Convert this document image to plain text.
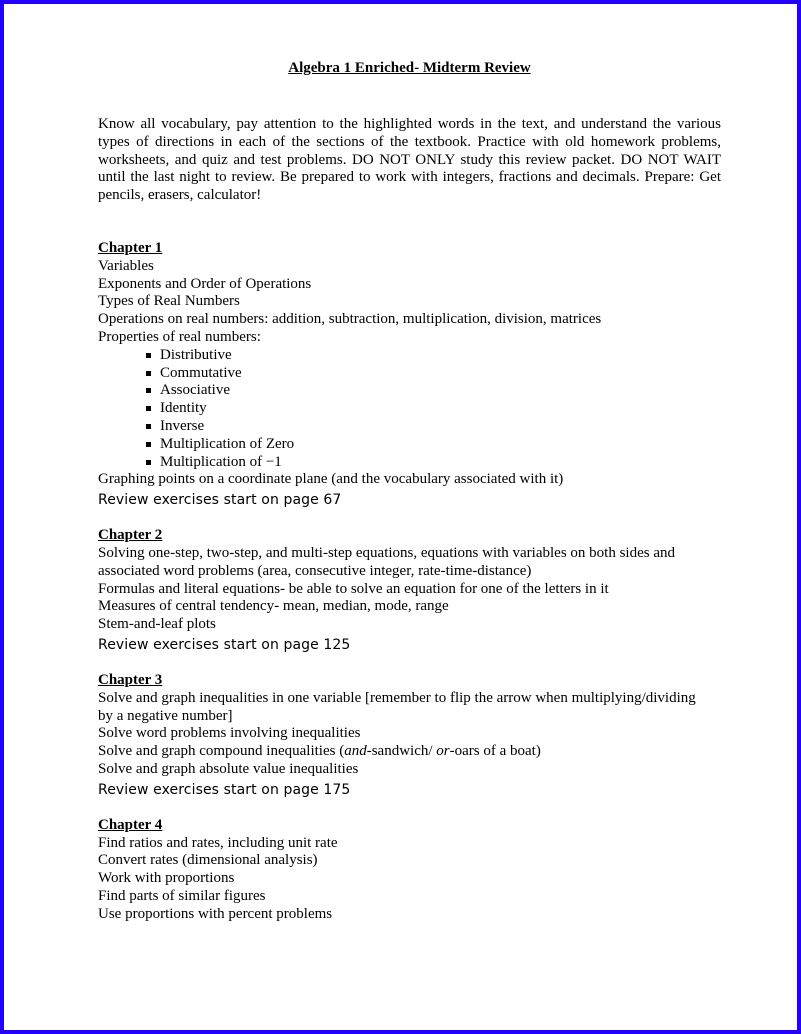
Algebra 1 Enriched- Midterm Review

Know all vocabulary, pay attention to the highlighted words in the text, and understand the various types of directions in each of the sections of the textbook. Practice with old homework problems, worksheets, and quiz and test problems. DO NOT ONLY study this review packet. DO NOT WAIT until the last night to review. Be prepared to work with integers, fractions and decimals. Prepare: Get pencils, erasers, calculator!

Chapter 1
Variables
Exponents and Order of Operations
Types of Real Numbers
Operations on real numbers: addition, subtraction, multiplication, division, matrices
Properties of real numbers:
Distributive
Commutative
Associative
Identity
Inverse
Multiplication of Zero
Multiplication of −1
Graphing points on a coordinate plane (and the vocabulary associated with it)
Review exercises start on page 67
Chapter 2
Solving one-step, two-step, and multi-step equations, equations with variables on both sides and
associated word problems (area, consecutive integer, rate-time-distance)
Formulas and literal equations- be able to solve an equation for one of the letters in it
Measures of central tendency- mean, median, mode, range
Stem-and-leaf plots
Review exercises start on page 125
Chapter 3
Solve and graph inequalities in one variable [remember to flip the arrow when multiplying/dividing
by a negative number]
Solve word problems involving inequalities
Solve and graph compound inequalities (and-sandwich/ or-oars of a boat)
Solve and graph absolute value inequalities
Review exercises start on page 175
Chapter 4
Find ratios and rates, including unit rate
Convert rates (dimensional analysis)
Work with proportions
Find parts of similar figures
Use proportions with percent problems
